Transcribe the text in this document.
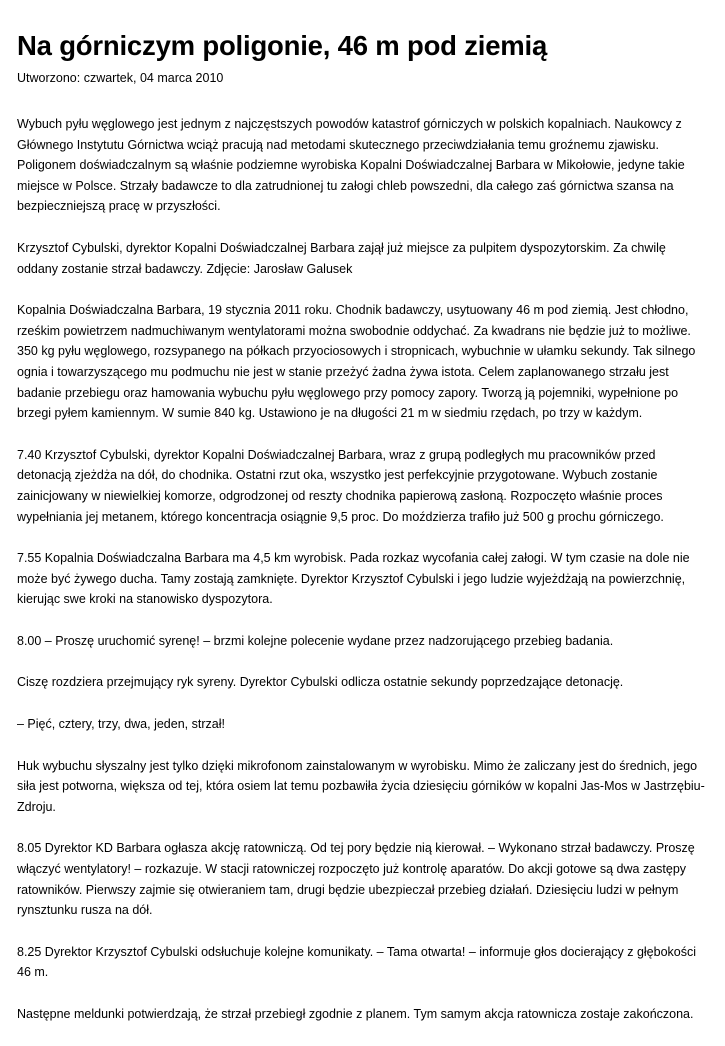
Na górniczym poligonie, 46 m pod ziemią
Utworzono: czwartek, 04 marca 2010

Wybuch pyłu węglowego jest jednym z najczęstszych powodów katastrof górniczych w polskich kopalniach. Naukowcy z Głównego Instytutu Górnictwa wciąż pracują nad metodami skutecznego przeciwdziałania temu groźnemu zjawisku. Poligonem doświadczalnym są właśnie podziemne wyrobiska Kopalni Doświadczalnej Barbara w Mikołowie, jedyne takie miejsce w Polsce. Strzały badawcze to dla zatrudnionej tu załogi chleb powszedni, dla całego zaś górnictwa szansa na bezpieczniejszą pracę w przyszłości.

Krzysztof Cybulski, dyrektor Kopalni Doświadczalnej Barbara zajął już miejsce za pulpitem dyspozytorskim. Za chwilę oddany zostanie strzał badawczy. Zdjęcie: Jarosław Galusek

Kopalnia Doświadczalna Barbara, 19 stycznia 2011 roku. Chodnik badawczy, usytuowany 46 m pod ziemią. Jest chłodno, rześkim powietrzem nadmuchiwanym wentylatorami można swobodnie oddychać. Za kwadrans nie będzie już to możliwe. 350 kg pyłu węglowego, rozsypanego na półkach przyociosowych i stropnicach, wybuchnie w ułamku sekundy. Tak silnego ognia i towarzyszącego mu podmuchu nie jest w stanie przeżyć żadna żywa istota. Celem zaplanowanego strzału jest badanie przebiegu oraz hamowania wybuchu pyłu węglowego przy pomocy zapory. Tworzą ją pojemniki, wypełnione po brzegi pyłem kamiennym. W sumie 840 kg. Ustawiono je na długości 21 m w siedmiu rzędach, po trzy w każdym.

7.40 Krzysztof Cybulski, dyrektor Kopalni Doświadczalnej Barbara, wraz z grupą podległych mu pracowników przed detonacją zjeżdża na dół, do chodnika. Ostatni rzut oka, wszystko jest perfekcyjnie przygotowane. Wybuch zostanie zainicjowany w niewielkiej komorze, odgrodzonej od reszty chodnika papierową zasłoną. Rozpoczęto właśnie proces wypełniania jej metanem, którego koncentracja osiągnie 9,5 proc. Do moździerza trafiło już 500 g prochu górniczego.

7.55 Kopalnia Doświadczalna Barbara ma 4,5 km wyrobisk. Pada rozkaz wycofania całej załogi. W tym czasie na dole nie może być żywego ducha. Tamy zostają zamknięte. Dyrektor Krzysztof Cybulski i jego ludzie wyjeżdżają na powierzchnię, kierując swe kroki na stanowisko dyspozytora.

8.00 – Proszę uruchomić syrenę! – brzmi kolejne polecenie wydane przez nadzorującego przebieg badania.

Ciszę rozdziera przejmujący ryk syreny. Dyrektor Cybulski odlicza ostatnie sekundy poprzedzające detonację.

– Pięć, cztery, trzy, dwa, jeden, strzał!

Huk wybuchu słyszalny jest tylko dzięki mikrofonom zainstalowanym w wyrobisku. Mimo że zaliczany jest do średnich, jego siła jest potworna, większa od tej, która osiem lat temu pozbawiła życia dziesięciu górników w kopalni Jas-Mos w Jastrzębiu-Zdroju.

8.05 Dyrektor KD Barbara ogłasza akcję ratowniczą. Od tej pory będzie nią kierował. – Wykonano strzał badawczy. Proszę włączyć wentylatory! – rozkazuje. W stacji ratowniczej rozpoczęto już kontrolę aparatów. Do akcji gotowe są dwa zastępy ratowników. Pierwszy zajmie się otwieraniem tam, drugi będzie ubezpieczał przebieg działań. Dziesięciu ludzi w pełnym rynsztunku rusza na dół.

8.25 Dyrektor Krzysztof Cybulski odsłuchuje kolejne komunikaty. – Tama otwarta! – informuje głos docierający z głębokości 46 m.

Następne meldunki potwierdzają, że strzał przebiegł zgodnie z planem. Tym samym akcja ratownicza zostaje zakończona.
